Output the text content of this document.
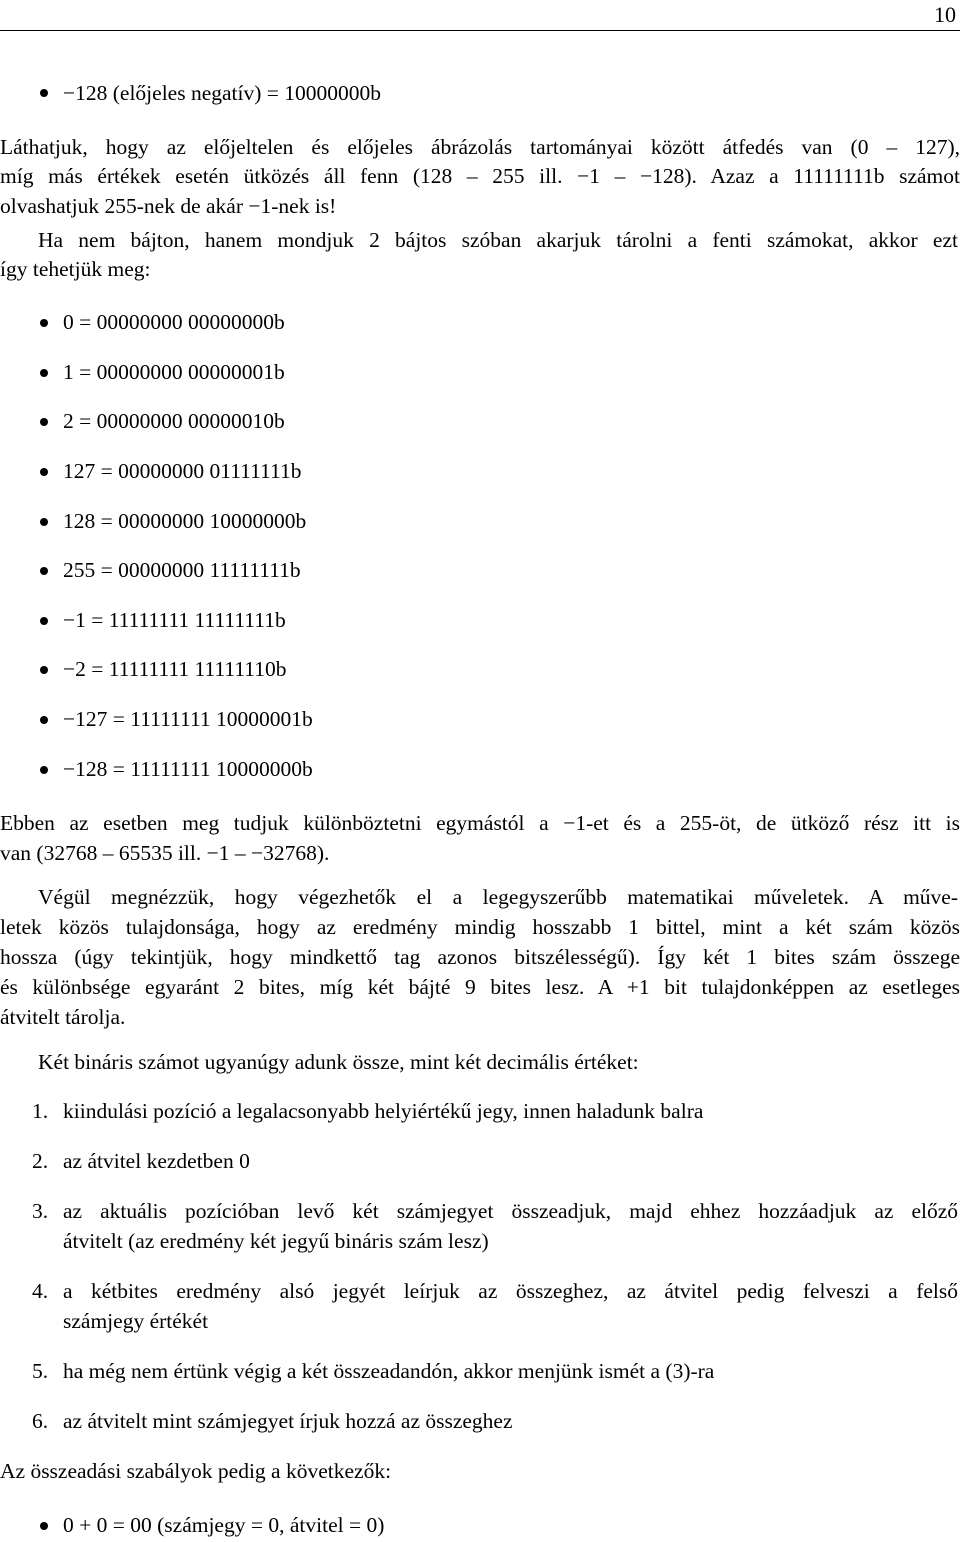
10
−128 (előjeles negatív) = 10000000b
Láthatjuk, hogy az előjeltelen és előjeles ábrázolás tartományai között átfedés van (0 – 127),
míg más értékek esetén ütközés áll fenn (128 – 255 ill. −1 – −128). Azaz a 11111111b számot
olvashatjuk 255-nek de akár −1-nek is!
Ha nem bájton, hanem mondjuk 2 bájtos szóban akarjuk tárolni a fenti számokat, akkor ezt
így tehetjük meg:
0 = 00000000 00000000b
1 = 00000000 00000001b
2 = 00000000 00000010b
127 = 00000000 01111111b
128 = 00000000 10000000b
255 = 00000000 11111111b
−1 = 11111111 11111111b
−2 = 11111111 11111110b
−127 = 11111111 10000001b
−128 = 11111111 10000000b
Ebben az esetben meg tudjuk különböztetni egymástól a −1-et és a 255-öt, de ütköző rész itt is
van (32768 – 65535 ill. −1 – −32768).
Végül megnézzük, hogy végezhetők el a legegyszerűbb matematikai műveletek. A műve-
letek közös tulajdonsága, hogy az eredmény mindig hosszabb 1 bittel, mint a két szám közös
hossza (úgy tekintjük, hogy mindkettő tag azonos bitszélességű). Így két 1 bites szám összege
és különbsége egyaránt 2 bites, míg két bájté 9 bites lesz. A +1 bit tulajdonképpen az esetleges
átvitelt tárolja.
Két bináris számot ugyanúgy adunk össze, mint két decimális értéket:
1. kiindulási pozíció a legalacsonyabb helyiértékű jegy, innen haladunk balra
2. az átvitel kezdetben 0
3. az aktuális pozícióban levő két számjegyet összeadjuk, majd ehhez hozzáadjuk az előző
átvitelt (az eredmény két jegyű bináris szám lesz)
4. a kétbites eredmény alsó jegyét leírjuk az összeghez, az átvitel pedig felveszi a felső
számjegy értékét
5. ha még nem értünk végig a két összeadandón, akkor menjünk ismét a (3)-ra
6. az átvitelt mint számjegyet írjuk hozzá az összeghez
Az összeadási szabályok pedig a következők:
0 + 0 = 00 (számjegy = 0, átvitel = 0)
